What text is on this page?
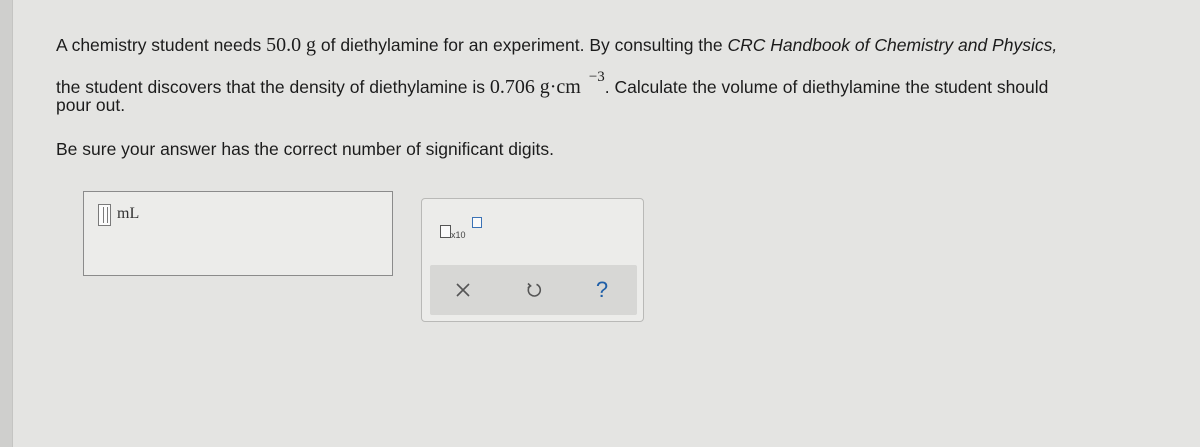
A chemistry student needs 50.0 g of diethylamine for an experiment. By consulting the CRC Handbook of Chemistry and Physics,
the student discovers that the density of diethylamine is 0.706 g·cm −3. Calculate the volume of diethylamine the student should
pour out.
Be sure your answer has the correct number of significant digits.
mL
x10
?
